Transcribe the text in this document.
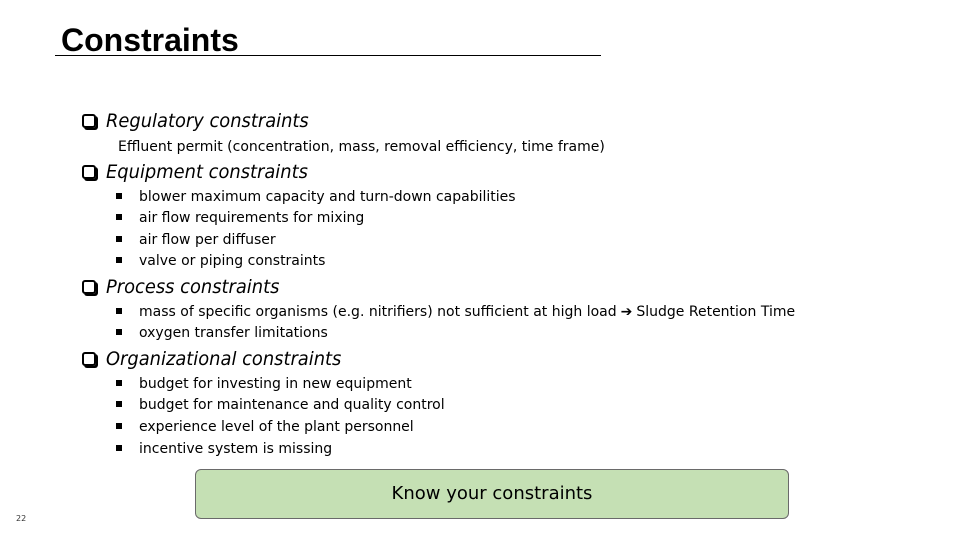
Constraints
Regulatory constraints
Effluent permit (concentration, mass, removal efficiency, time frame)
Equipment constraints
blower maximum capacity and turn-down capabilities
air flow requirements for mixing
air flow per diffuser
valve or piping constraints
Process constraints
mass of specific organisms (e.g. nitrifiers) not sufficient at high load ➔ Sludge Retention Time
oxygen transfer limitations
Organizational constraints
budget for investing in new equipment
budget for maintenance and quality control
experience level of the plant personnel
incentive system is missing
Know your constraints
22
